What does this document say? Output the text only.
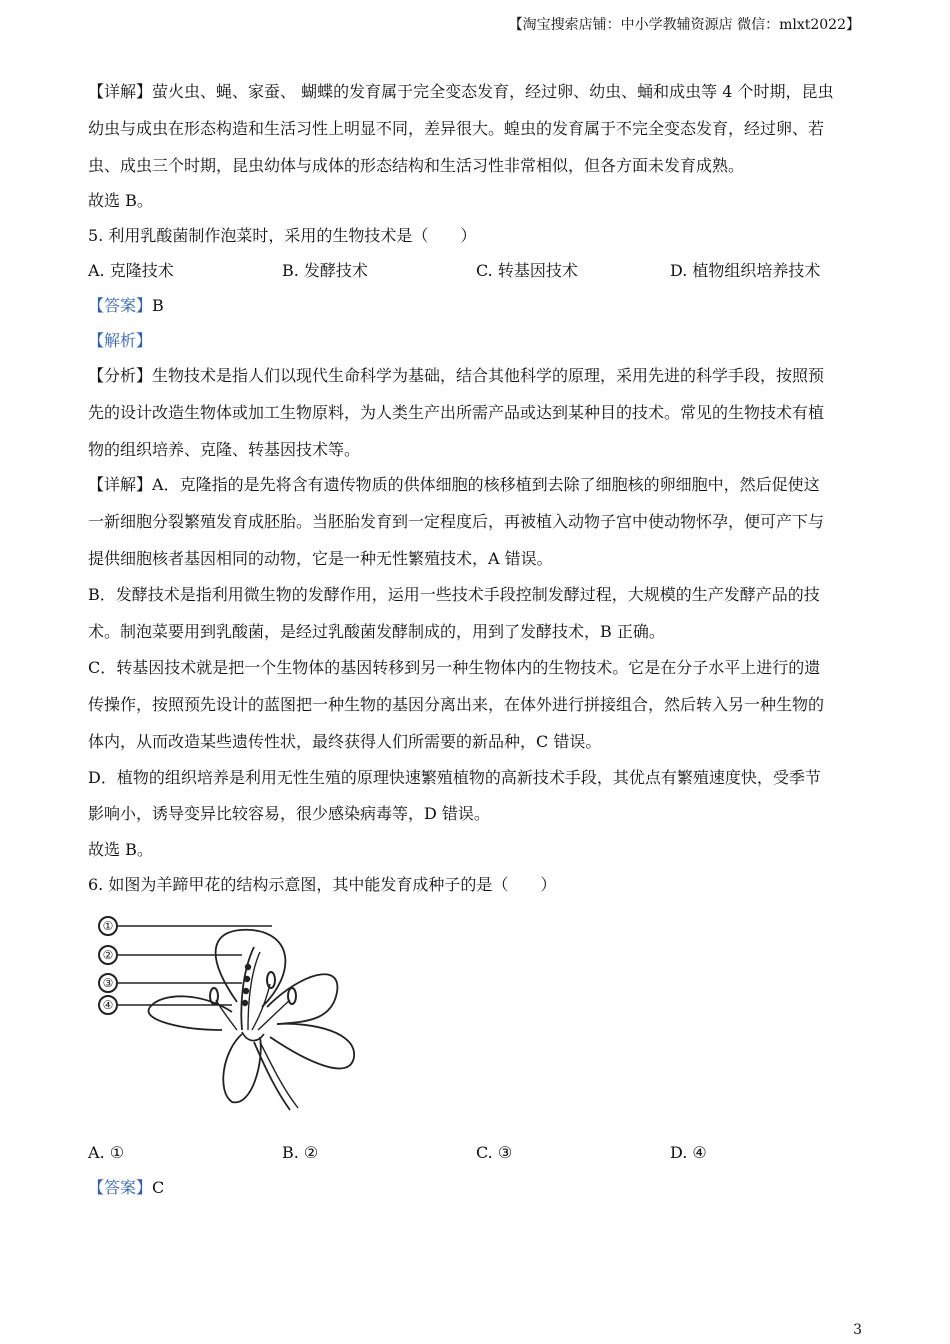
【淘宝搜索店铺：中小学教辅资源店 微信：mlxt2022】
【详解】萤火虫、蝇、家蚕、 蝴蝶的发育属于完全变态发育，经过卵、幼虫、蛹和成虫等 4 个时期，昆虫
幼虫与成虫在形态构造和生活习性上明显不同，差异很大。蝗虫的发育属于不完全变态发育，经过卵、若
虫、成虫三个时期，昆虫幼体与成体的形态结构和生活习性非常相似，但各方面未发育成熟。
故选 B。
5. 利用乳酸菌制作泡菜时，采用的生物技术是（　　）
A. 克隆技术	B. 发酵技术	C. 转基因技术	D. 植物组织培养技术
【答案】B
【解析】
【分析】生物技术是指人们以现代生命科学为基础，结合其他科学的原理，采用先进的科学手段，按照预
先的设计改造生物体或加工生物原料，为人类生产出所需产品或达到某种目的技术。常见的生物技术有植
物的组织培养、克隆、转基因技术等。
【详解】A．克隆指的是先将含有遗传物质的供体细胞的核移植到去除了细胞核的卵细胞中，然后促使这
一新细胞分裂繁殖发育成胚胎。当胚胎发育到一定程度后，再被植入动物子宫中使动物怀孕，便可产下与
提供细胞核者基因相同的动物，它是一种无性繁殖技术，A 错误。
B．发酵技术是指利用微生物的发酵作用，运用一些技术手段控制发酵过程，大规模的生产发酵产品的技
术。制泡菜要用到乳酸菌，是经过乳酸菌发酵制成的，用到了发酵技术，B 正确。
C．转基因技术就是把一个生物体的基因转移到另一种生物体内的生物技术。它是在分子水平上进行的遗
传操作，按照预先设计的蓝图把一种生物的基因分离出来，在体外进行拼接组合，然后转入另一种生物的
体内，从而改造某些遗传性状，最终获得人们所需要的新品种，C 错误。
D．植物的组织培养是利用无性生殖的原理快速繁殖植物的高新技术手段，其优点有繁殖速度快，受季节
影响小，诱导变异比较容易，很少感染病毒等，D 错误。
故选 B。
6. 如图为羊蹄甲花的结构示意图，其中能发育成种子的是（　　）
①
②
③
④
A. ①	B. ②	C. ③	D. ④
【答案】C
3
